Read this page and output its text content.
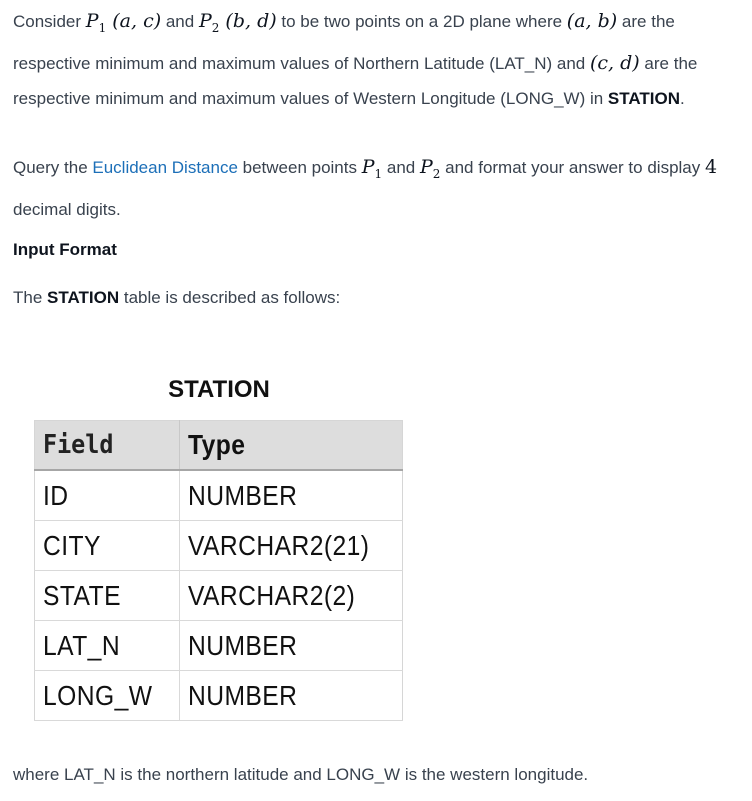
Consider $P_1$ (a, c) and $P_2$ (b, d) to be two points on a 2D plane where (a, b) are the respective minimum and maximum values of Northern Latitude (LAT_N) and (c, d) are the respective minimum and maximum values of Western Longitude (LONG_W) in STATION.

Query the Euclidean Distance between points $P_1$ and $P_2$ and format your answer to display 4 decimal digits.

Input Format

The STATION table is described as follows:

where LAT_N is the northern latitude and LONG_W is the western longitude.

STATION
Field	Type
ID	NUMBER
CITY	VARCHAR2(21)
STATE	VARCHAR2(2)
LAT_N	NUMBER
LONG_W	NUMBER
